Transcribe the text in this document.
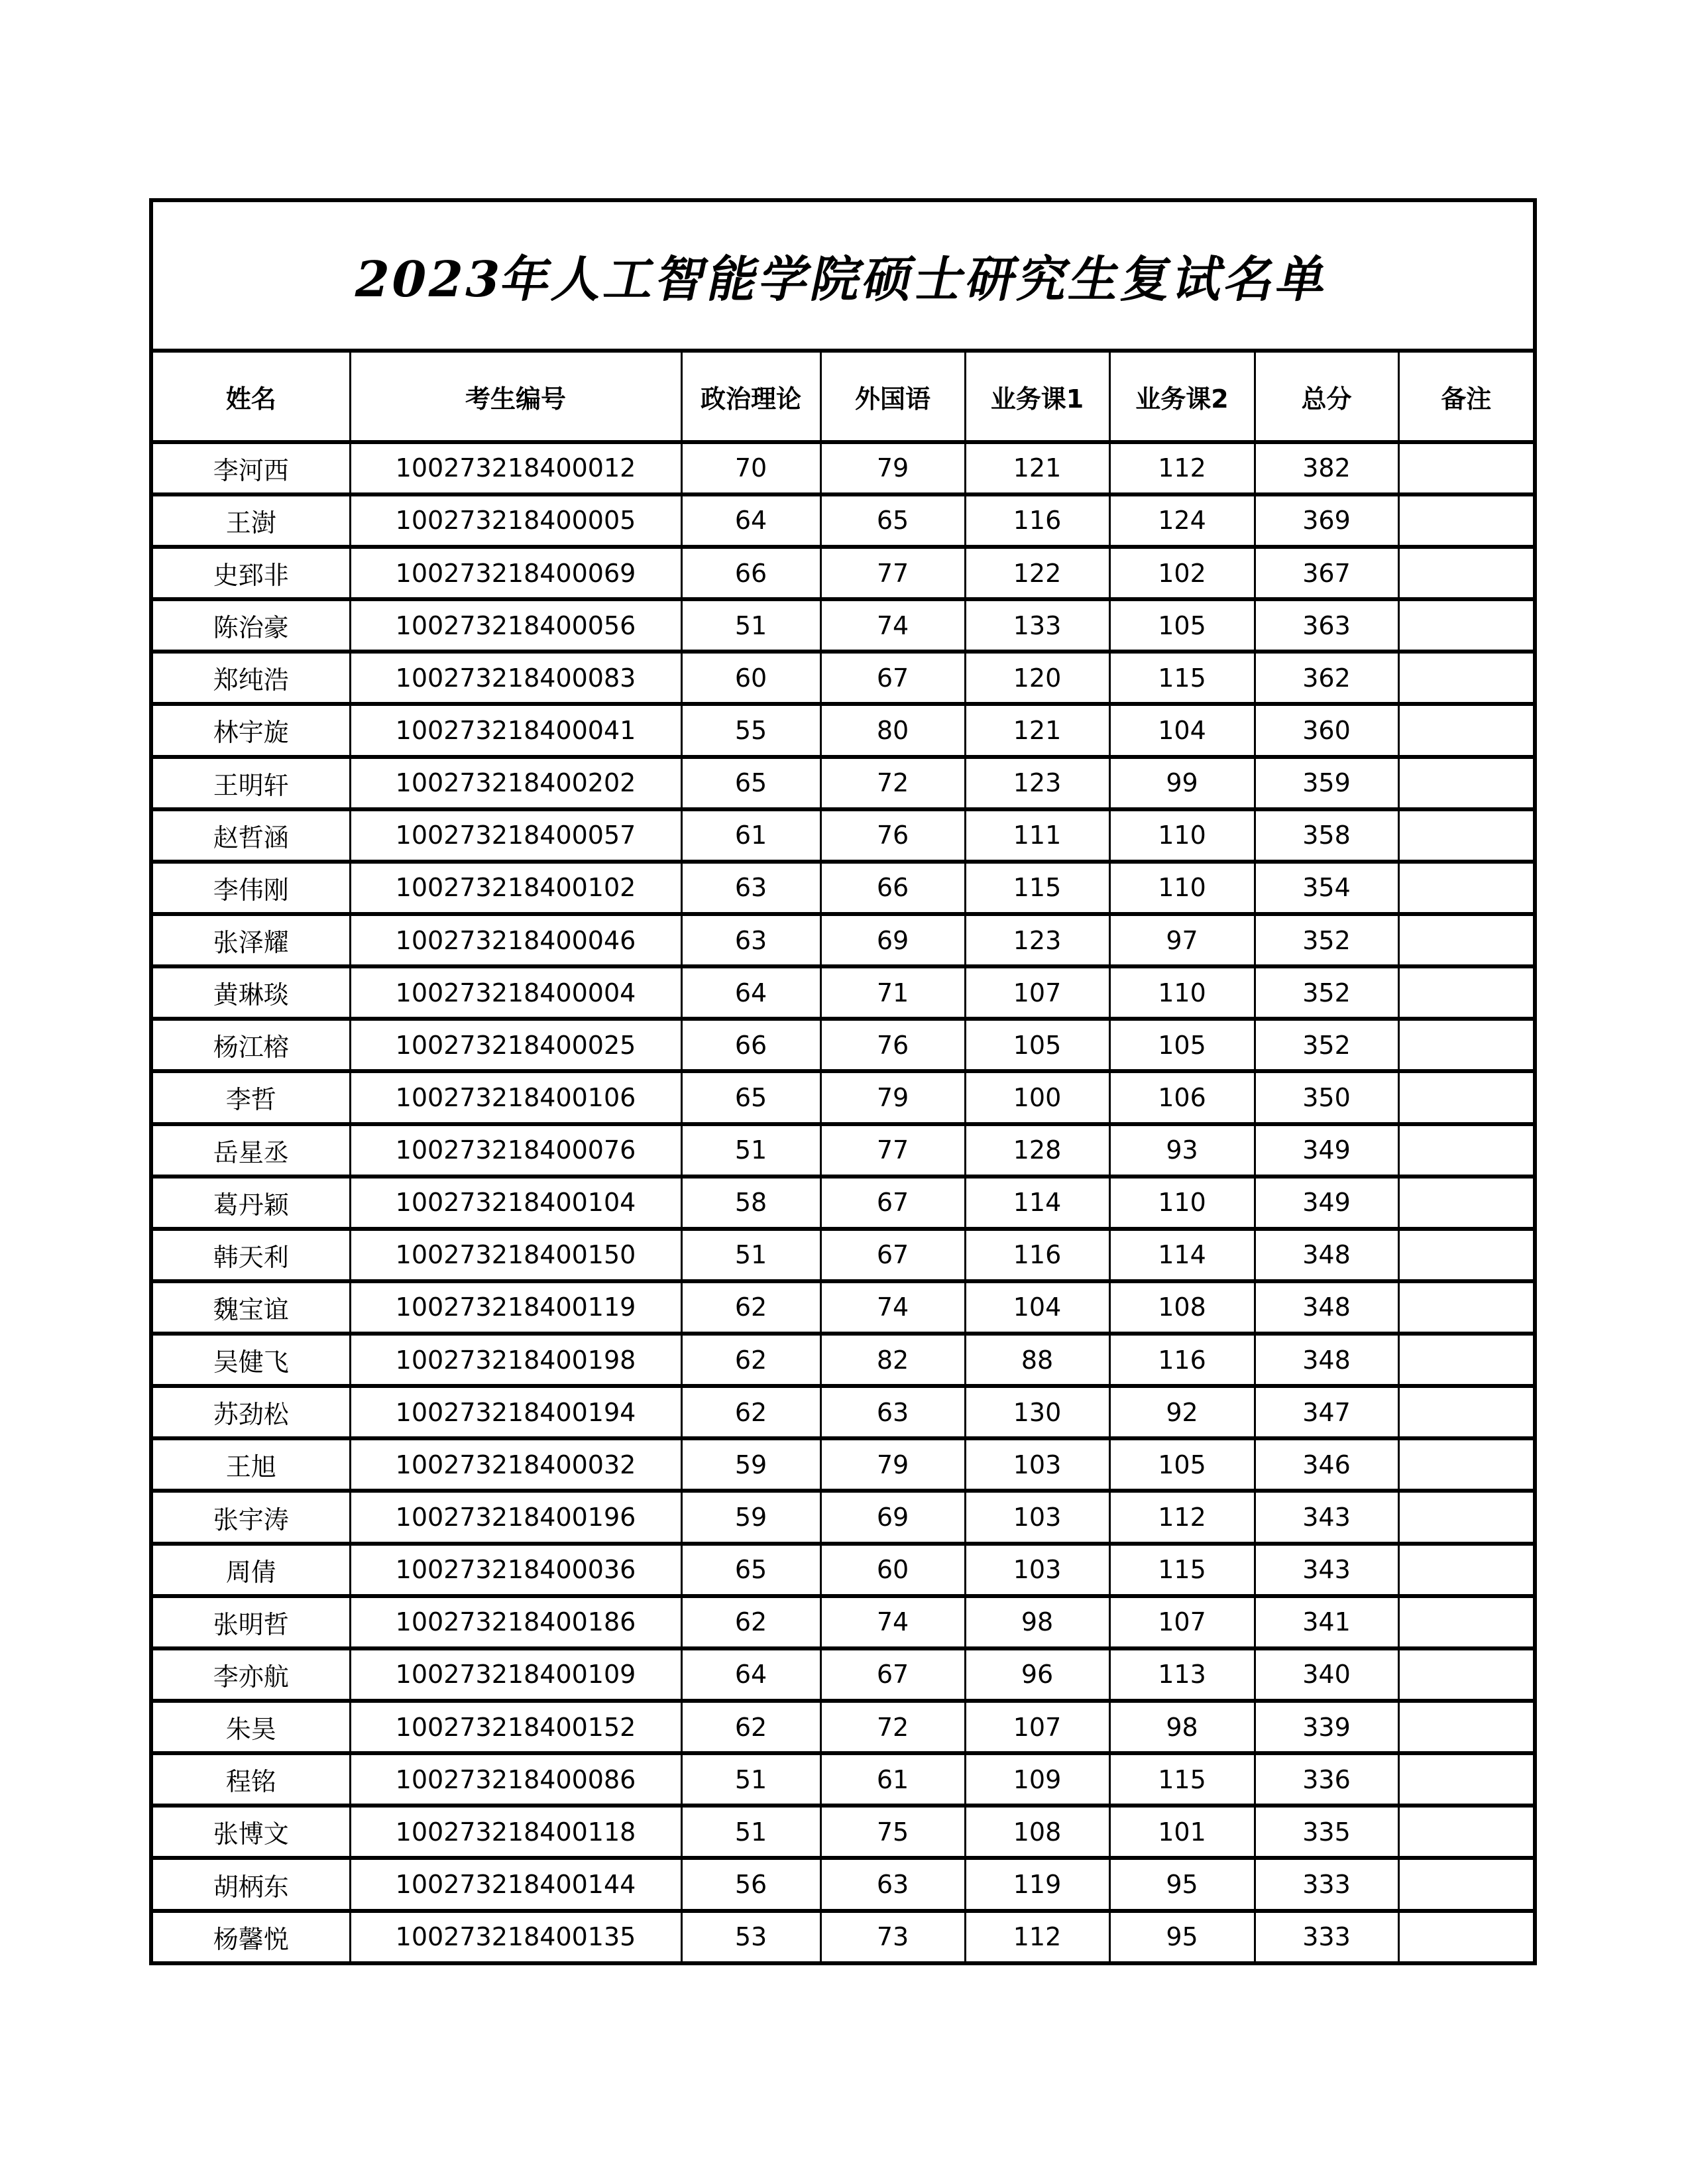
2023年人工智能学院硕士研究生复试名单							
姓名	考生编号	政治理论	外国语	业务课1	业务课2	总分	备注
李河西	100273218400012	70	79	121	112	382	
王澍	100273218400005	64	65	116	124	369	
史郅非	100273218400069	66	77	122	102	367	
陈治豪	100273218400056	51	74	133	105	363	
郑纯浩	100273218400083	60	67	120	115	362	
林宇旋	100273218400041	55	80	121	104	360	
王明轩	100273218400202	65	72	123	99	359	
赵哲涵	100273218400057	61	76	111	110	358	
李伟刚	100273218400102	63	66	115	110	354	
张泽耀	100273218400046	63	69	123	97	352	
黄琳琰	100273218400004	64	71	107	110	352	
杨江榕	100273218400025	66	76	105	105	352	
李哲	100273218400106	65	79	100	106	350	
岳星丞	100273218400076	51	77	128	93	349	
葛丹颖	100273218400104	58	67	114	110	349	
韩天利	100273218400150	51	67	116	114	348	
魏宝谊	100273218400119	62	74	104	108	348	
吴健飞	100273218400198	62	82	88	116	348	
苏劲松	100273218400194	62	63	130	92	347	
王旭	100273218400032	59	79	103	105	346	
张宇涛	100273218400196	59	69	103	112	343	
周倩	100273218400036	65	60	103	115	343	
张明哲	100273218400186	62	74	98	107	341	
李亦航	100273218400109	64	67	96	113	340	
朱昊	100273218400152	62	72	107	98	339	
程铭	100273218400086	51	61	109	115	336	
张博文	100273218400118	51	75	108	101	335	
胡柄东	100273218400144	56	63	119	95	333	
杨馨悦	100273218400135	53	73	112	95	333	
